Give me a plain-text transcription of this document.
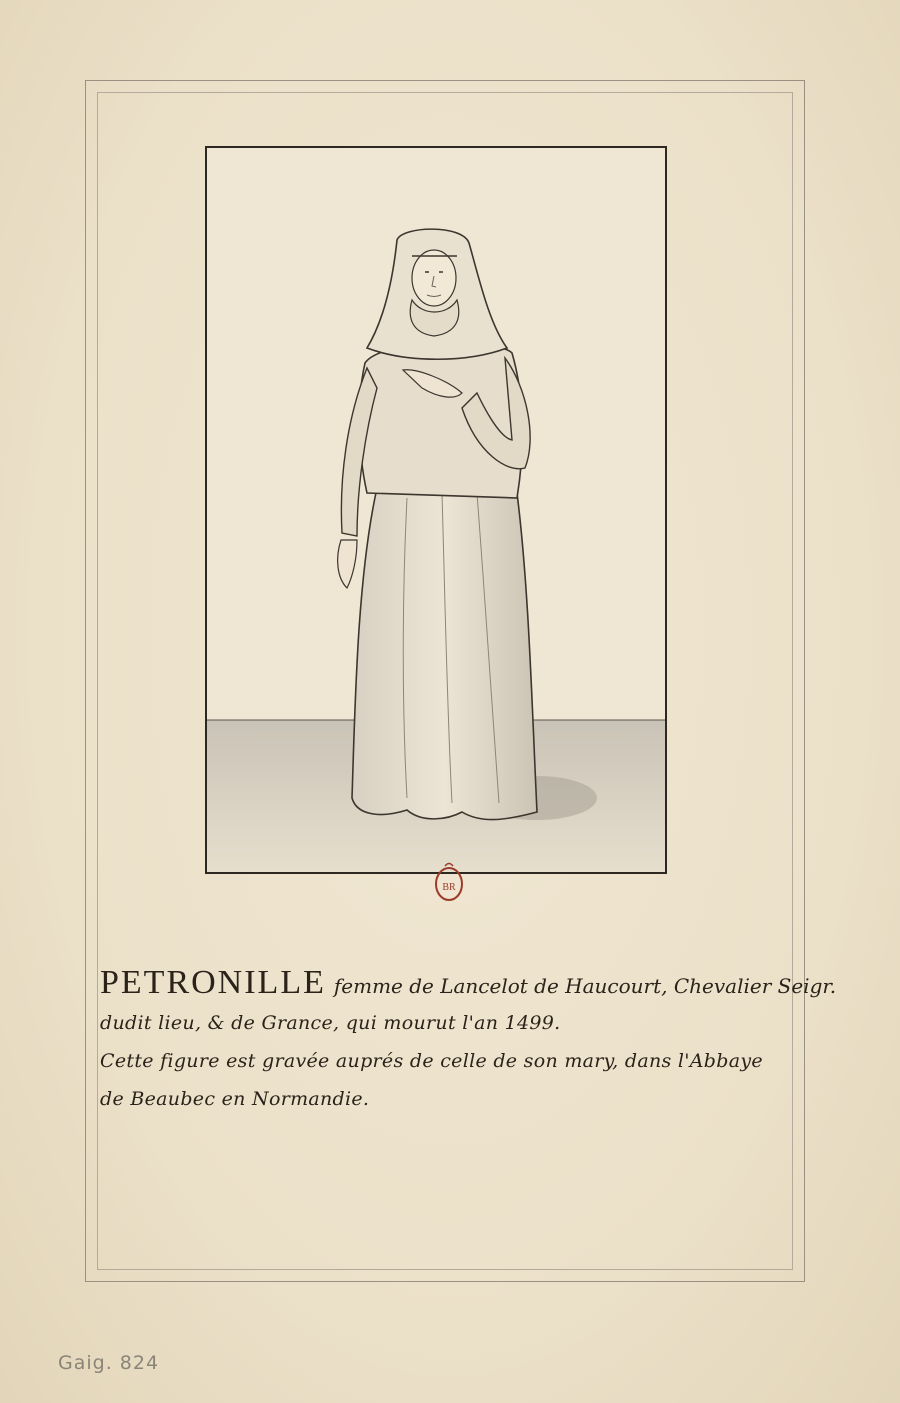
BR
PETRONILLE femme de Lancelot de Haucourt, Chevalier Seigr.
dudit lieu, & de Grance, qui mourut l'an 1499.
Cette figure est gravée auprés de celle de son mary, dans l'Abbaye
de Beaubec en Normandie.
Gaig. 824
